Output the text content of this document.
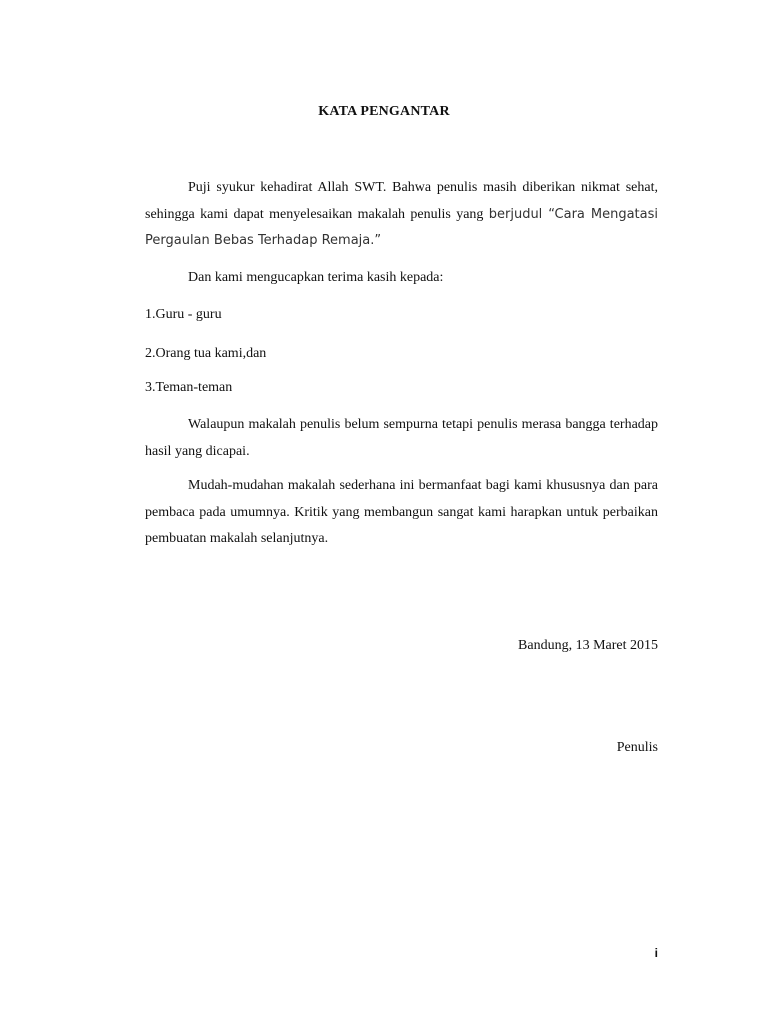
KATA PENGANTAR

Puji syukur kehadirat Allah SWT. Bahwa penulis masih diberikan nikmat sehat, sehingga kami dapat menyelesaikan makalah penulis yang berjudul “Cara Mengatasi Pergaulan Bebas Terhadap Remaja.”

Dan kami mengucapkan terima kasih kepada:

1.Guru - guru

2.Orang tua kami,dan

3.Teman-teman

Walaupun makalah penulis belum sempurna tetapi penulis merasa bangga terhadap hasil yang dicapai.

Mudah-mudahan makalah sederhana ini bermanfaat bagi kami khususnya dan para pembaca pada umumnya. Kritik yang membangun sangat kami harapkan untuk perbaikan pembuatan makalah selanjutnya.

Bandung, 13 Maret 2015
Penulis
i
